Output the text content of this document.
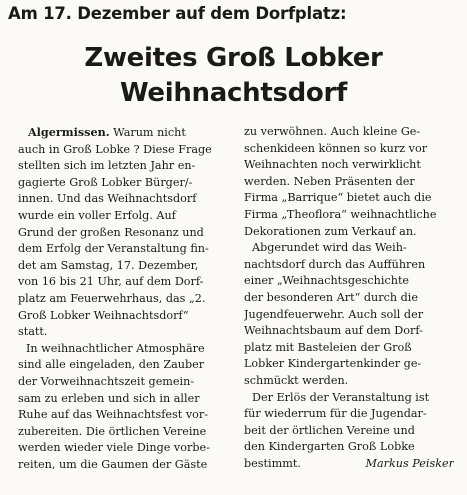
Am 17. Dezember auf dem Dorfplatz:
Zweites Groß Lobker
Weihnachtsdorf
Algermissen. Warum nicht
auch in Groß Lobke ? Diese Frage
stellten sich im letzten Jahr en-
gagierte Groß Lobker Bürger/-
innen. Und das Weihnachtsdorf
wurde ein voller Erfolg. Auf
Grund der großen Resonanz und
dem Erfolg der Veranstaltung fin-
det am Samstag, 17. Dezember,
von 16 bis 21 Uhr, auf dem Dorf-
platz am Feuerwehrhaus, das „2.
Groß Lobker Weihnachtsdorf“
statt.
In weihnachtlicher Atmosphäre
sind alle eingeladen, den Zauber
der Vorweihnachtszeit gemein-
sam zu erleben und sich in aller
Ruhe auf das Weihnachtsfest vor-
zubereiten. Die örtlichen Vereine
werden wieder viele Dinge vorbe-
reiten, um die Gaumen der Gäste
zu verwöhnen. Auch kleine Ge-
schenkideen können so kurz vor
Weihnachten noch verwirklicht
werden. Neben Präsenten der
Firma „Barrique“ bietet auch die
Firma „Theoflora“ weihnachtliche
Dekorationen zum Verkauf an.
Abgerundet wird das Weih-
nachtsdorf durch das Aufführen
einer „Weihnachtsgeschichte
der besonderen Art“ durch die
Jugendfeuerwehr. Auch soll der
Weihnachtsbaum auf dem Dorf-
platz mit Basteleien der Groß
Lobker Kindergartenkinder ge-
schmückt werden.
Der Erlös der Veranstaltung ist
für wiederrum für die Jugendar-
beit der örtlichen Vereine und
den Kindergarten Groß Lobke
bestimmt.	Markus Peisker
